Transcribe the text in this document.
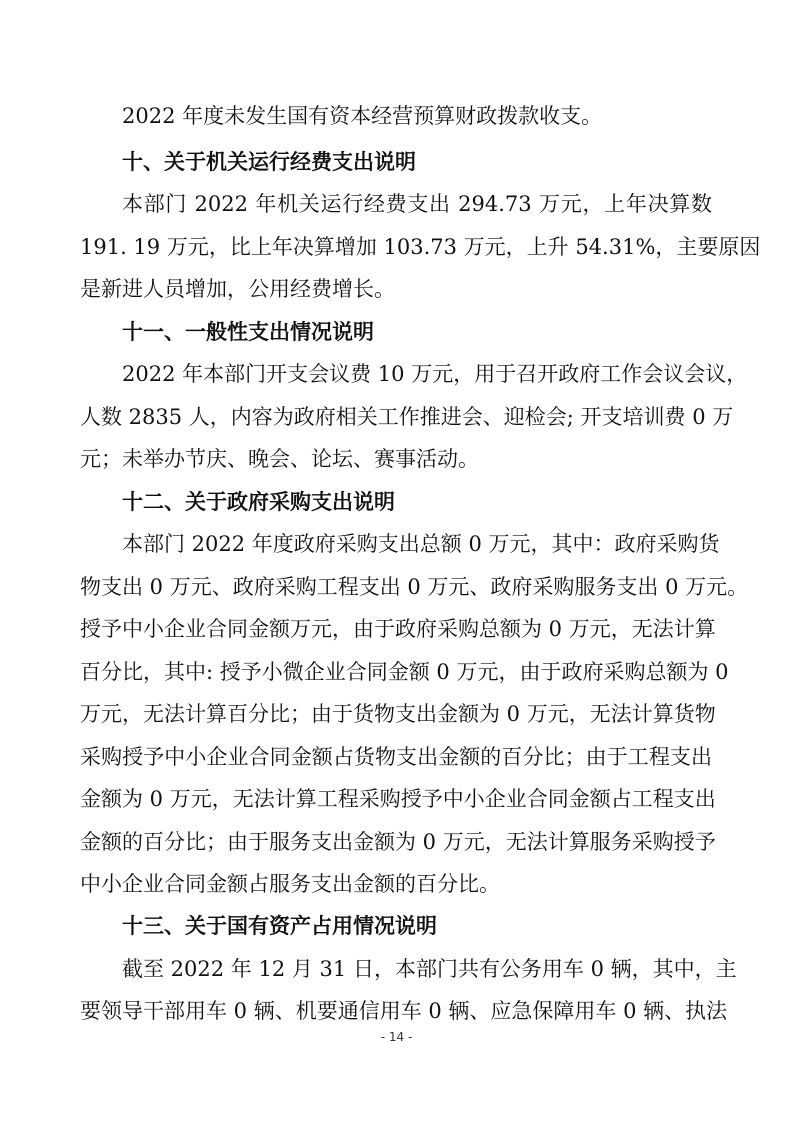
2022 年度未发生国有资本经营预算财政拨款收支。
十、关于机关运行经费支出说明
本部门 2022 年机关运行经费支出 294.73 万元，上年决算数
191. 19 万元，比上年决算增加 103.73 万元，上升 54.31%，主要原因
是新进人员增加，公用经费增长。
十一、一般性支出情况说明
2022 年本部门开支会议费 10 万元，用于召开政府工作会议会议，
人数 2835 人，内容为政府相关工作推进会、迎检会; 开支培训费 0 万
元；未举办节庆、晚会、论坛、赛事活动。
十二、关于政府采购支出说明
本部门 2022 年度政府采购支出总额 0 万元，其中：政府采购货
物支出 0 万元、政府采购工程支出 0 万元、政府采购服务支出 0 万元。
授予中小企业合同金额万元，由于政府采购总额为 0 万元，无法计算
百分比，其中: 授予小微企业合同金额 0 万元，由于政府采购总额为 0
万元，无法计算百分比；由于货物支出金额为 0 万元，无法计算货物
采购授予中小企业合同金额占货物支出金额的百分比；由于工程支出
金额为 0 万元，无法计算工程采购授予中小企业合同金额占工程支出
金额的百分比；由于服务支出金额为 0 万元，无法计算服务采购授予
中小企业合同金额占服务支出金额的百分比。
十三、关于国有资产占用情况说明
截至 2022 年 12 月 31 日，本部门共有公务用车 0 辆，其中，主
要领导干部用车 0 辆、机要通信用车 0 辆、应急保障用车 0 辆、执法
- 14 -
